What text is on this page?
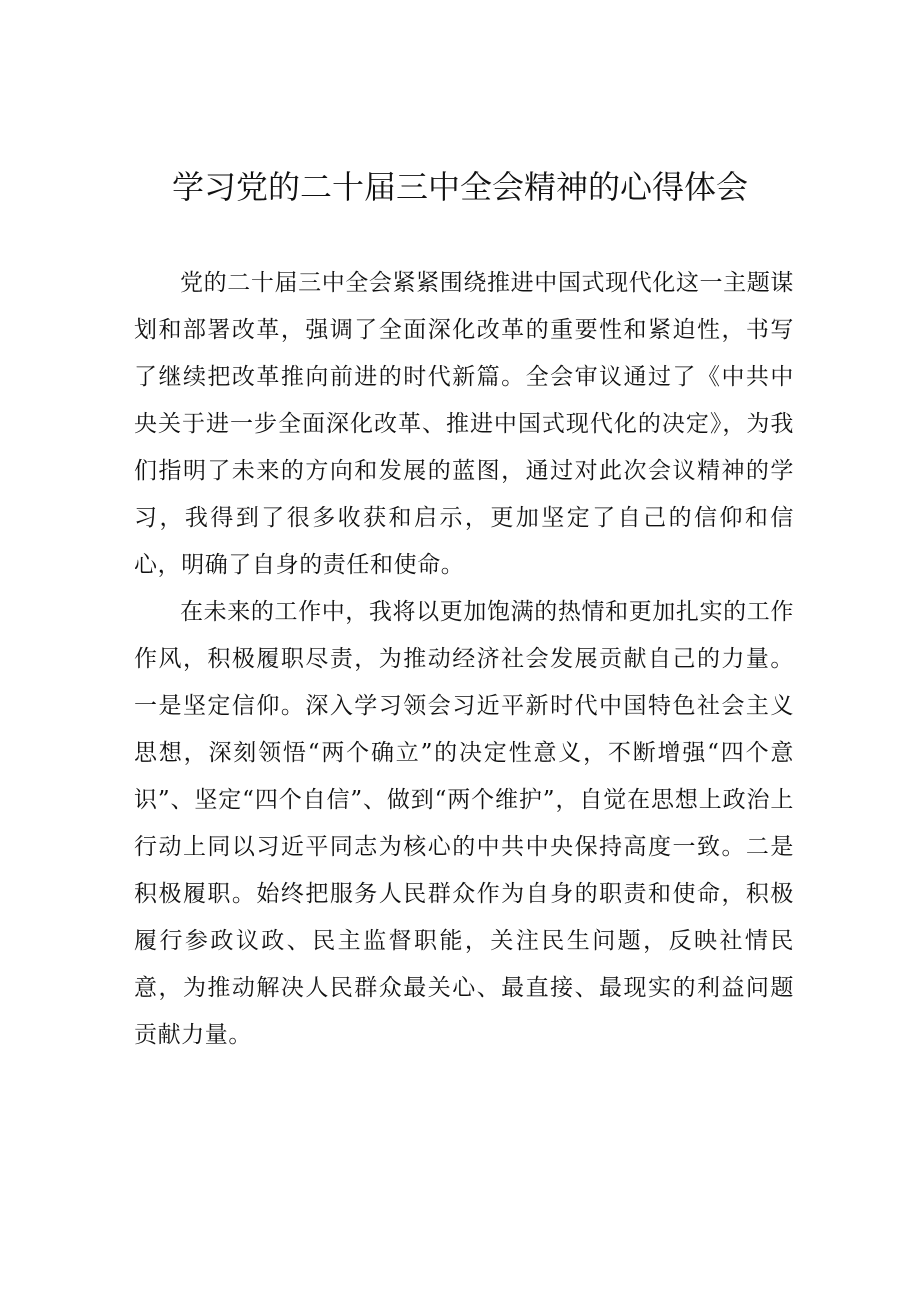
学习党的二十届三中全会精神的心得体会

党的二十届三中全会紧紧围绕推进中国式现代化这一主题谋划和部署改革，强调了全面深化改革的重要性和紧迫性，书写了继续把改革推向前进的时代新篇。全会审议通过了《中共中央关于进一步全面深化改革、推进中国式现代化的决定》，为我们指明了未来的方向和发展的蓝图，通过对此次会议精神的学习，我得到了很多收获和启示，更加坚定了自己的信仰和信心，明确了自身的责任和使命。

在未来的工作中，我将以更加饱满的热情和更加扎实的工作作风，积极履职尽责，为推动经济社会发展贡献自己的力量。一是坚定信仰。深入学习领会习近平新时代中国特色社会主义思想，深刻领悟“两个确立”的决定性意义，不断增强“四个意识”、坚定“四个自信”、做到“两个维护”，自觉在思想上政治上行动上同以习近平同志为核心的中共中央保持高度一致。二是积极履职。始终把服务人民群众作为自身的职责和使命，积极履行参政议政、民主监督职能，关注民生问题，反映社情民意，为推动解决人民群众最关心、最直接、最现实的利益问题贡献力量。
